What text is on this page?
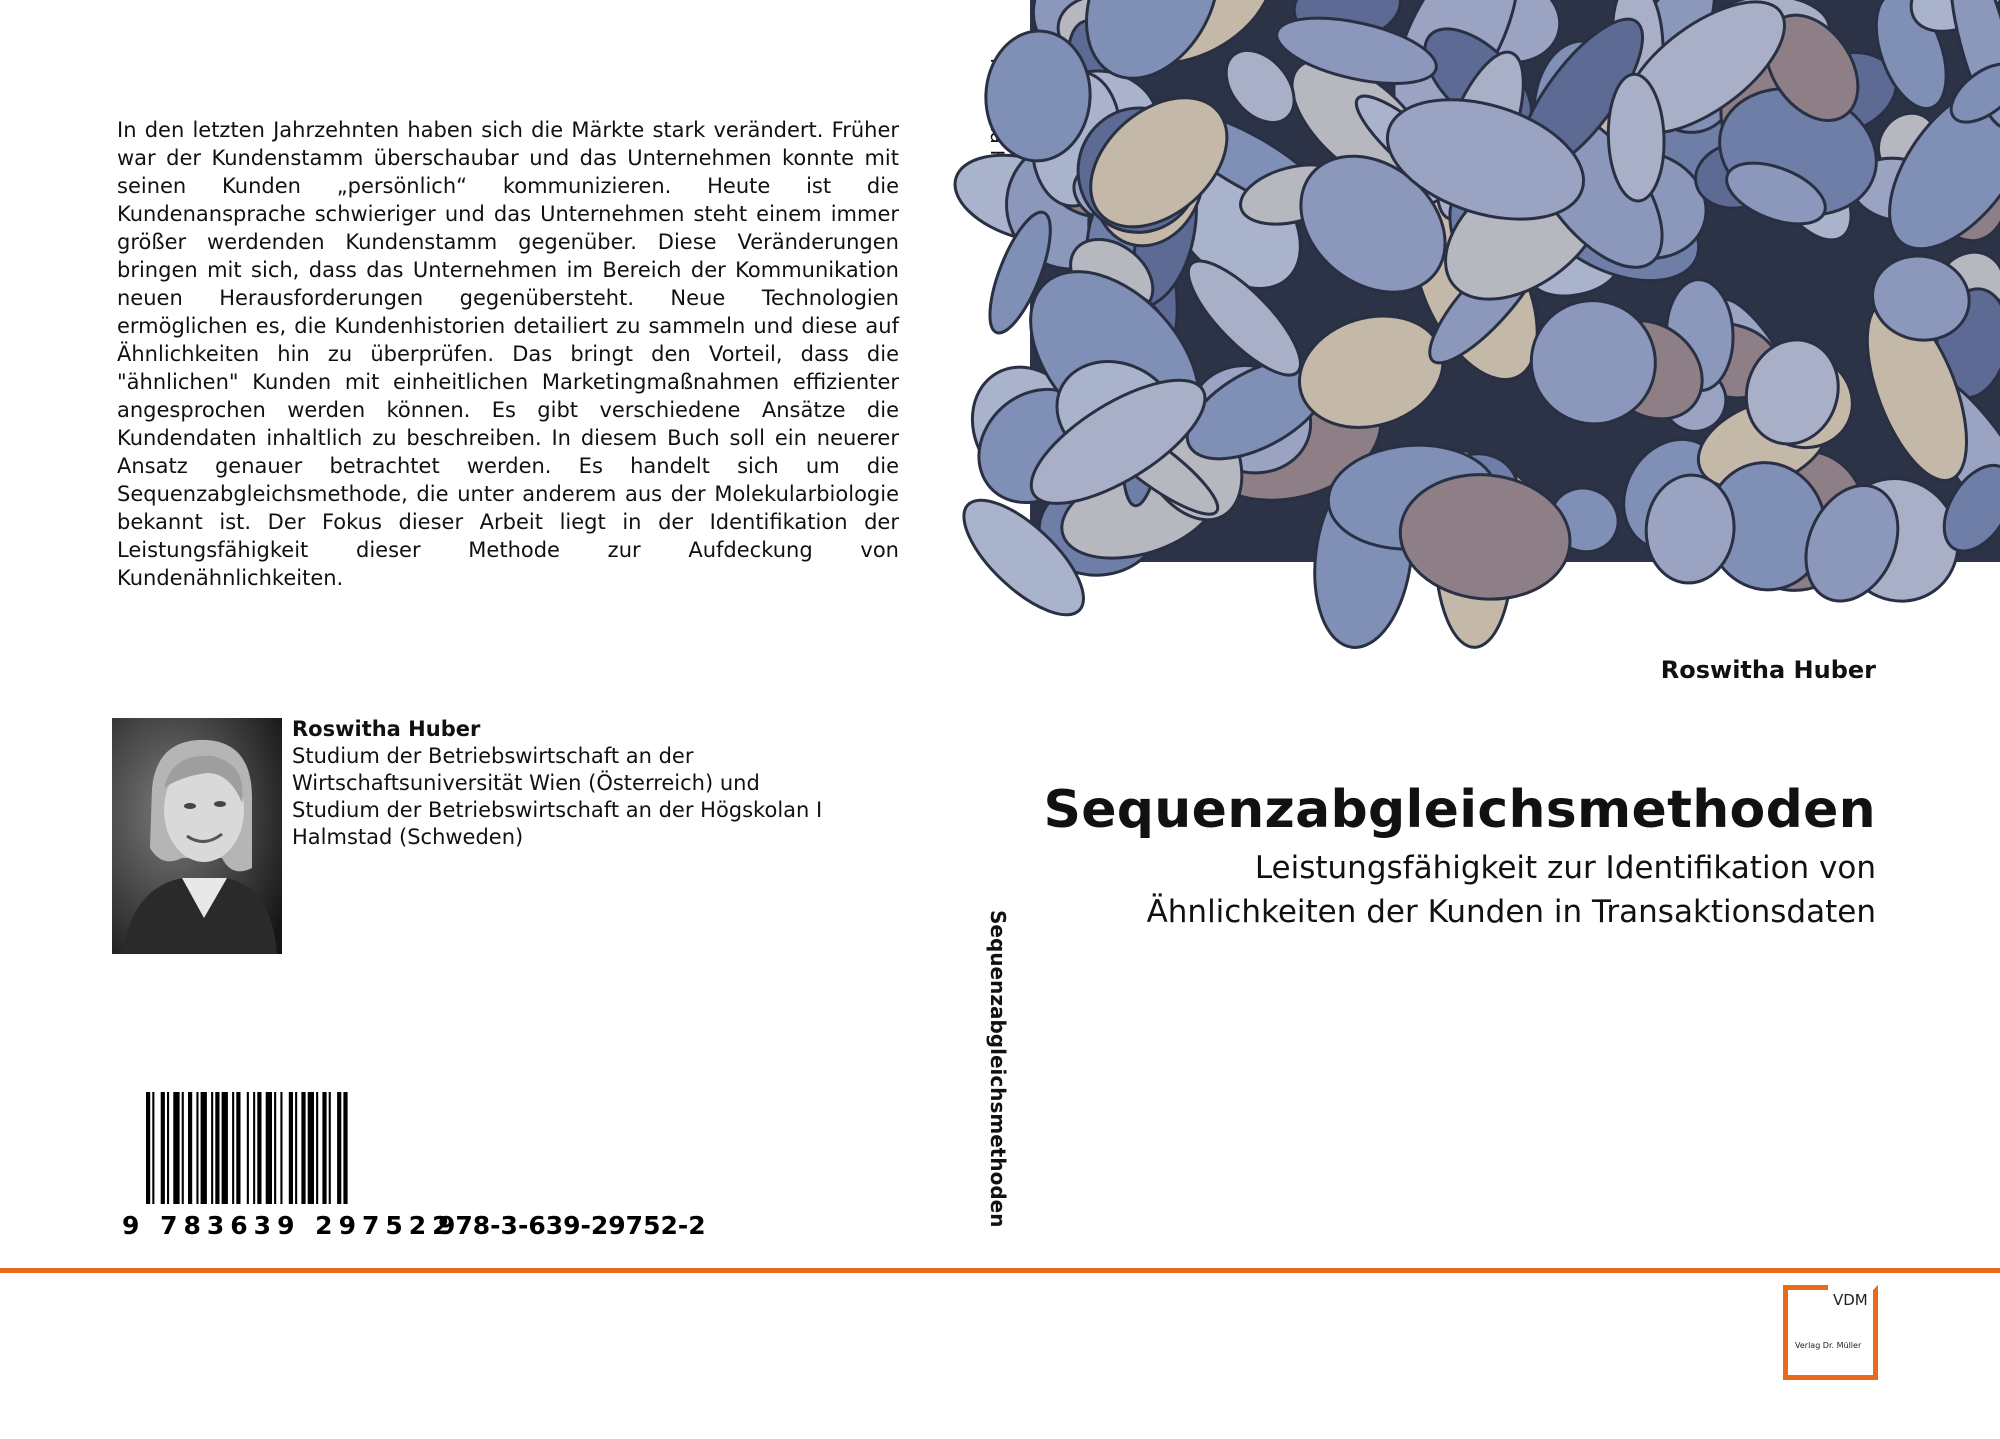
In den letzten Jahrzehnten haben sich die Märkte stark verändert. Früher war der Kundenstamm überschaubar und das Unternehmen konnte mit seinen Kunden „persönlich“ kommunizieren. Heute ist die Kundenansprache schwieriger und das Unternehmen steht einem immer größer werdenden Kundenstamm gegenüber. Diese Veränderungen bringen mit sich, dass das Unternehmen im Bereich der Kommunikation neuen Herausforderungen gegenübersteht. Neue Technologien ermöglichen es, die Kundenhistorien detailiert zu sammeln und diese auf Ähnlichkeiten hin zu überprüfen. Das bringt den Vorteil, dass die "ähnlichen" Kunden mit einheitlichen Marketingmaßnahmen effizienter angesprochen werden können. Es gibt verschiedene Ansätze die Kundendaten inhaltlich zu beschreiben. In diesem Buch soll ein neuerer Ansatz genauer betrachtet werden. Es handelt sich um die Sequenzabgleichsmethode, die unter anderem aus der Molekularbiologie bekannt ist. Der Fokus dieser Arbeit liegt in der Identifikation der Leistungsfähigkeit dieser Methode zur Aufdeckung von Kundenähnlichkeiten.
Roswitha Huber
Studium der Betriebswirtschaft an der Wirtschaftsuniversität Wien (Österreich) und Studium der Betriebswirtschaft an der Högskolan I Halmstad (Schweden)
9 783639 297522
978-3-639-29752-2	Sequenzabgleichsmethoden
Roswitha Huber
Sequenzabgleichsmethoden
Leistungsfähigkeit zur Identifikation von Ähnlichkeiten der Kunden in Transaktionsdaten
VDM
Verlag Dr. Müller
